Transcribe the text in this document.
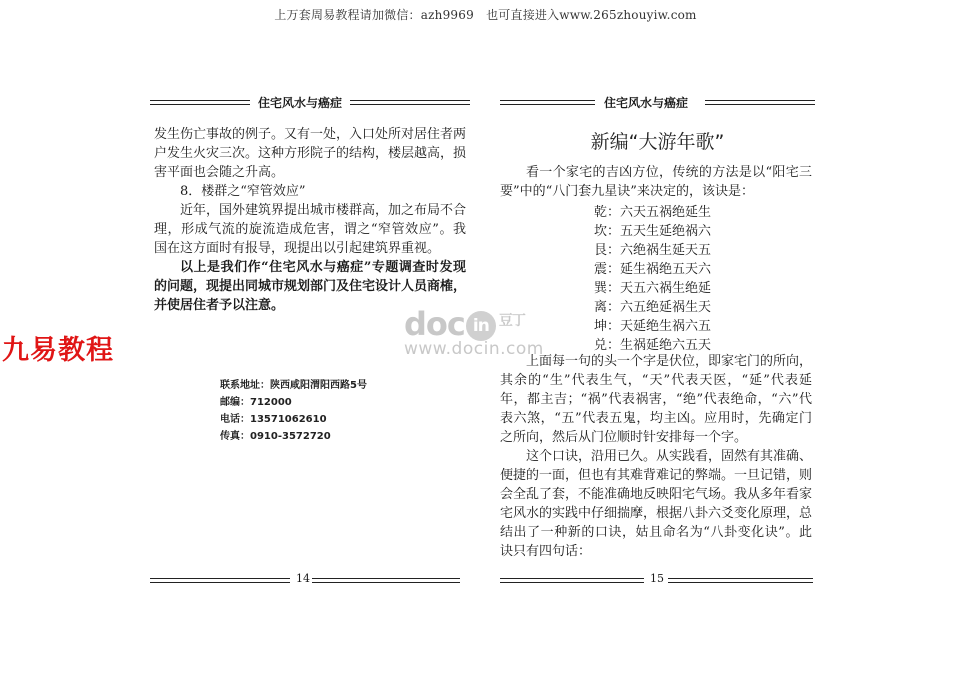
上万套周易教程请加微信：azh9969　也可直接进入www.265zhouyiw.com
住宅风水与癌症

发生伤亡事故的例子。又有一处，入口处所对居住者两户发生火灾三次。这种方形院子的结构，楼层越高，损害平面也会随之升高。

8．楼群之“窄管效应”

近年，国外建筑界提出城市楼群高，加之布局不合理，形成气流的旋流造成危害，谓之“窄管效应”。我国在这方面时有报导，现提出以引起建筑界重视。

以上是我们作“住宅风水与癌症”专题调查时发现的问题，现提出同城市规划部门及住宅设计人员商榷，并使居住者予以注意。

联系地址：陕西咸阳渭阳西路5号
邮编：712000
电话：13571062610
传真：0910-3572720
14
住宅风水与癌症
新编“大游年歌”

看一个家宅的吉凶方位，传统的方法是以“阳宅三要”中的“八门套九星诀”来决定的，该诀是：

乾：六天五祸绝延生
坎：五天生延绝祸六
艮：六绝祸生延天五
震：延生祸绝五天六
巽：天五六祸生绝延
离：六五绝延祸生天
坤：天延绝生祸六五
兑：生祸延绝六五天

上面每一句的头一个字是伏位，即家宅门的所向，其余的“生”代表生气，“天”代表天医，“延”代表延年，都主吉；“祸”代表祸害，“绝”代表绝命，“六”代表六煞，“五”代表五鬼，均主凶。应用时，先确定门之所向，然后从门位顺时针安排每一个字。

这个口诀，沿用已久。从实践看，固然有其准确、便捷的一面，但也有其难背难记的弊端。一旦记错，则会全乱了套，不能准确地反映阳宅气场。我从多年看家宅风水的实践中仔细揣摩，根据八卦六爻变化原理，总结出了一种新的口诀，姑且命名为“八卦变化诀”。此诀只有四句话：

15
九易教程
doc in $^{豆丁}$
www.docin.com
